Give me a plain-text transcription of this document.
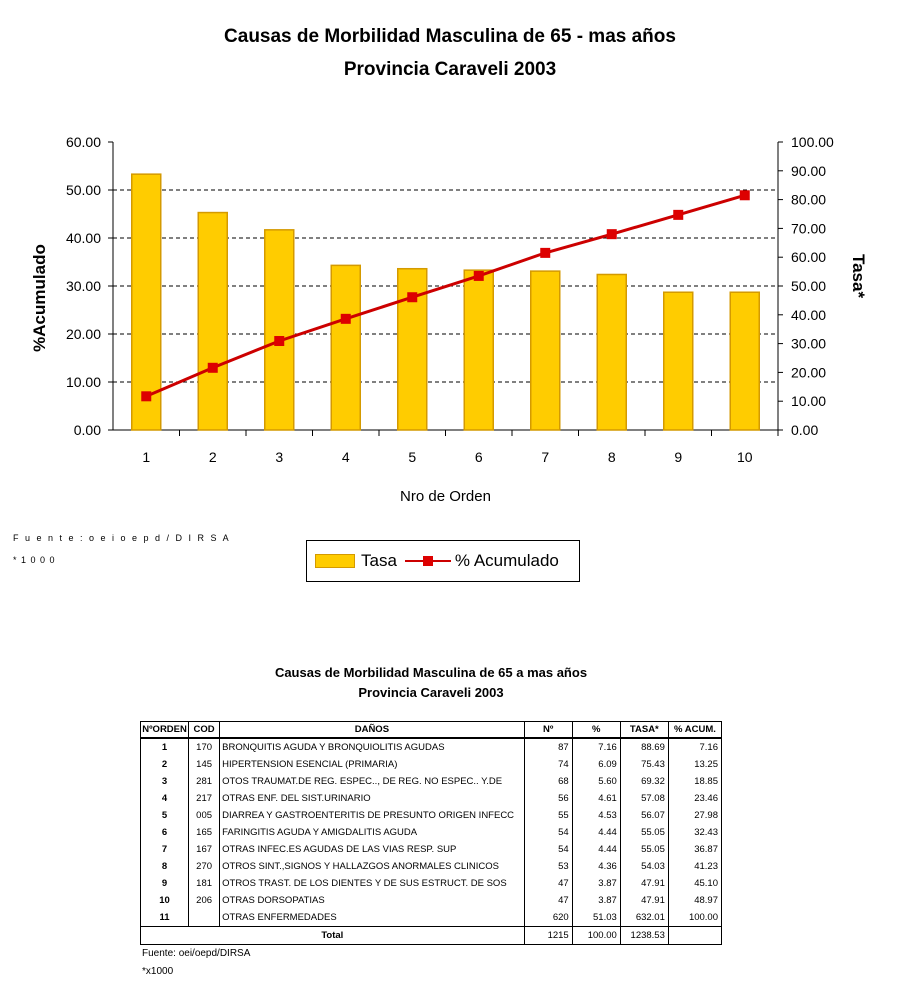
Causas de Morbilidad Masculina de 65 - mas años
Provincia Caraveli 2003
0.00
10.00
20.00
30.00
40.00
50.00
60.00
70.00
80.00
90.00
100.00
0.00
10.00
20.00
30.00
40.00
50.00
60.00
1	2	3	4	5	6	7	8	9	10
Nro de Orden
%Acumulado	Tasa*
F u e n t e : o e i o e p d / D I R S A
* 1 0 0 0	Tasa	% Acumulado
Causas de Morbilidad Masculina de 65 a mas años
Provincia Caraveli 2003
NºORDEN	COD	DAÑOS	Nº	%	TASA*	% ACUM.
1	170	BRONQUITIS AGUDA Y BRONQUIOLITIS AGUDAS	87	7.16	88.69	7.16
2	145	HIPERTENSION ESENCIAL (PRIMARIA)	74	6.09	75.43	13.25
3	281	OTOS TRAUMAT.DE REG. ESPEC.., DE REG. NO ESPEC.. Y.DE	68	5.60	69.32	18.85
4	217	OTRAS ENF. DEL SIST.URINARIO	56	4.61	57.08	23.46
5	005	DIARREA Y GASTROENTERITIS DE PRESUNTO ORIGEN INFECC	55	4.53	56.07	27.98
6	165	FARINGITIS AGUDA Y AMIGDALITIS AGUDA	54	4.44	55.05	32.43
7	167	OTRAS INFEC.ES AGUDAS DE LAS VIAS RESP. SUP	54	4.44	55.05	36.87
8	270	OTROS SINT.,SIGNOS Y HALLAZGOS ANORMALES CLINICOS	53	4.36	54.03	41.23
9	181	OTROS TRAST. DE LOS DIENTES Y DE SUS ESTRUCT. DE SOS	47	3.87	47.91	45.10
10	206	OTRAS DORSOPATIAS	47	3.87	47.91	48.97
11		OTRAS ENFERMEDADES	620	51.03	632.01	100.00
Total			1215	100.00	1238.53	
Fuente: oei/oepd/DIRSA
*x1000
